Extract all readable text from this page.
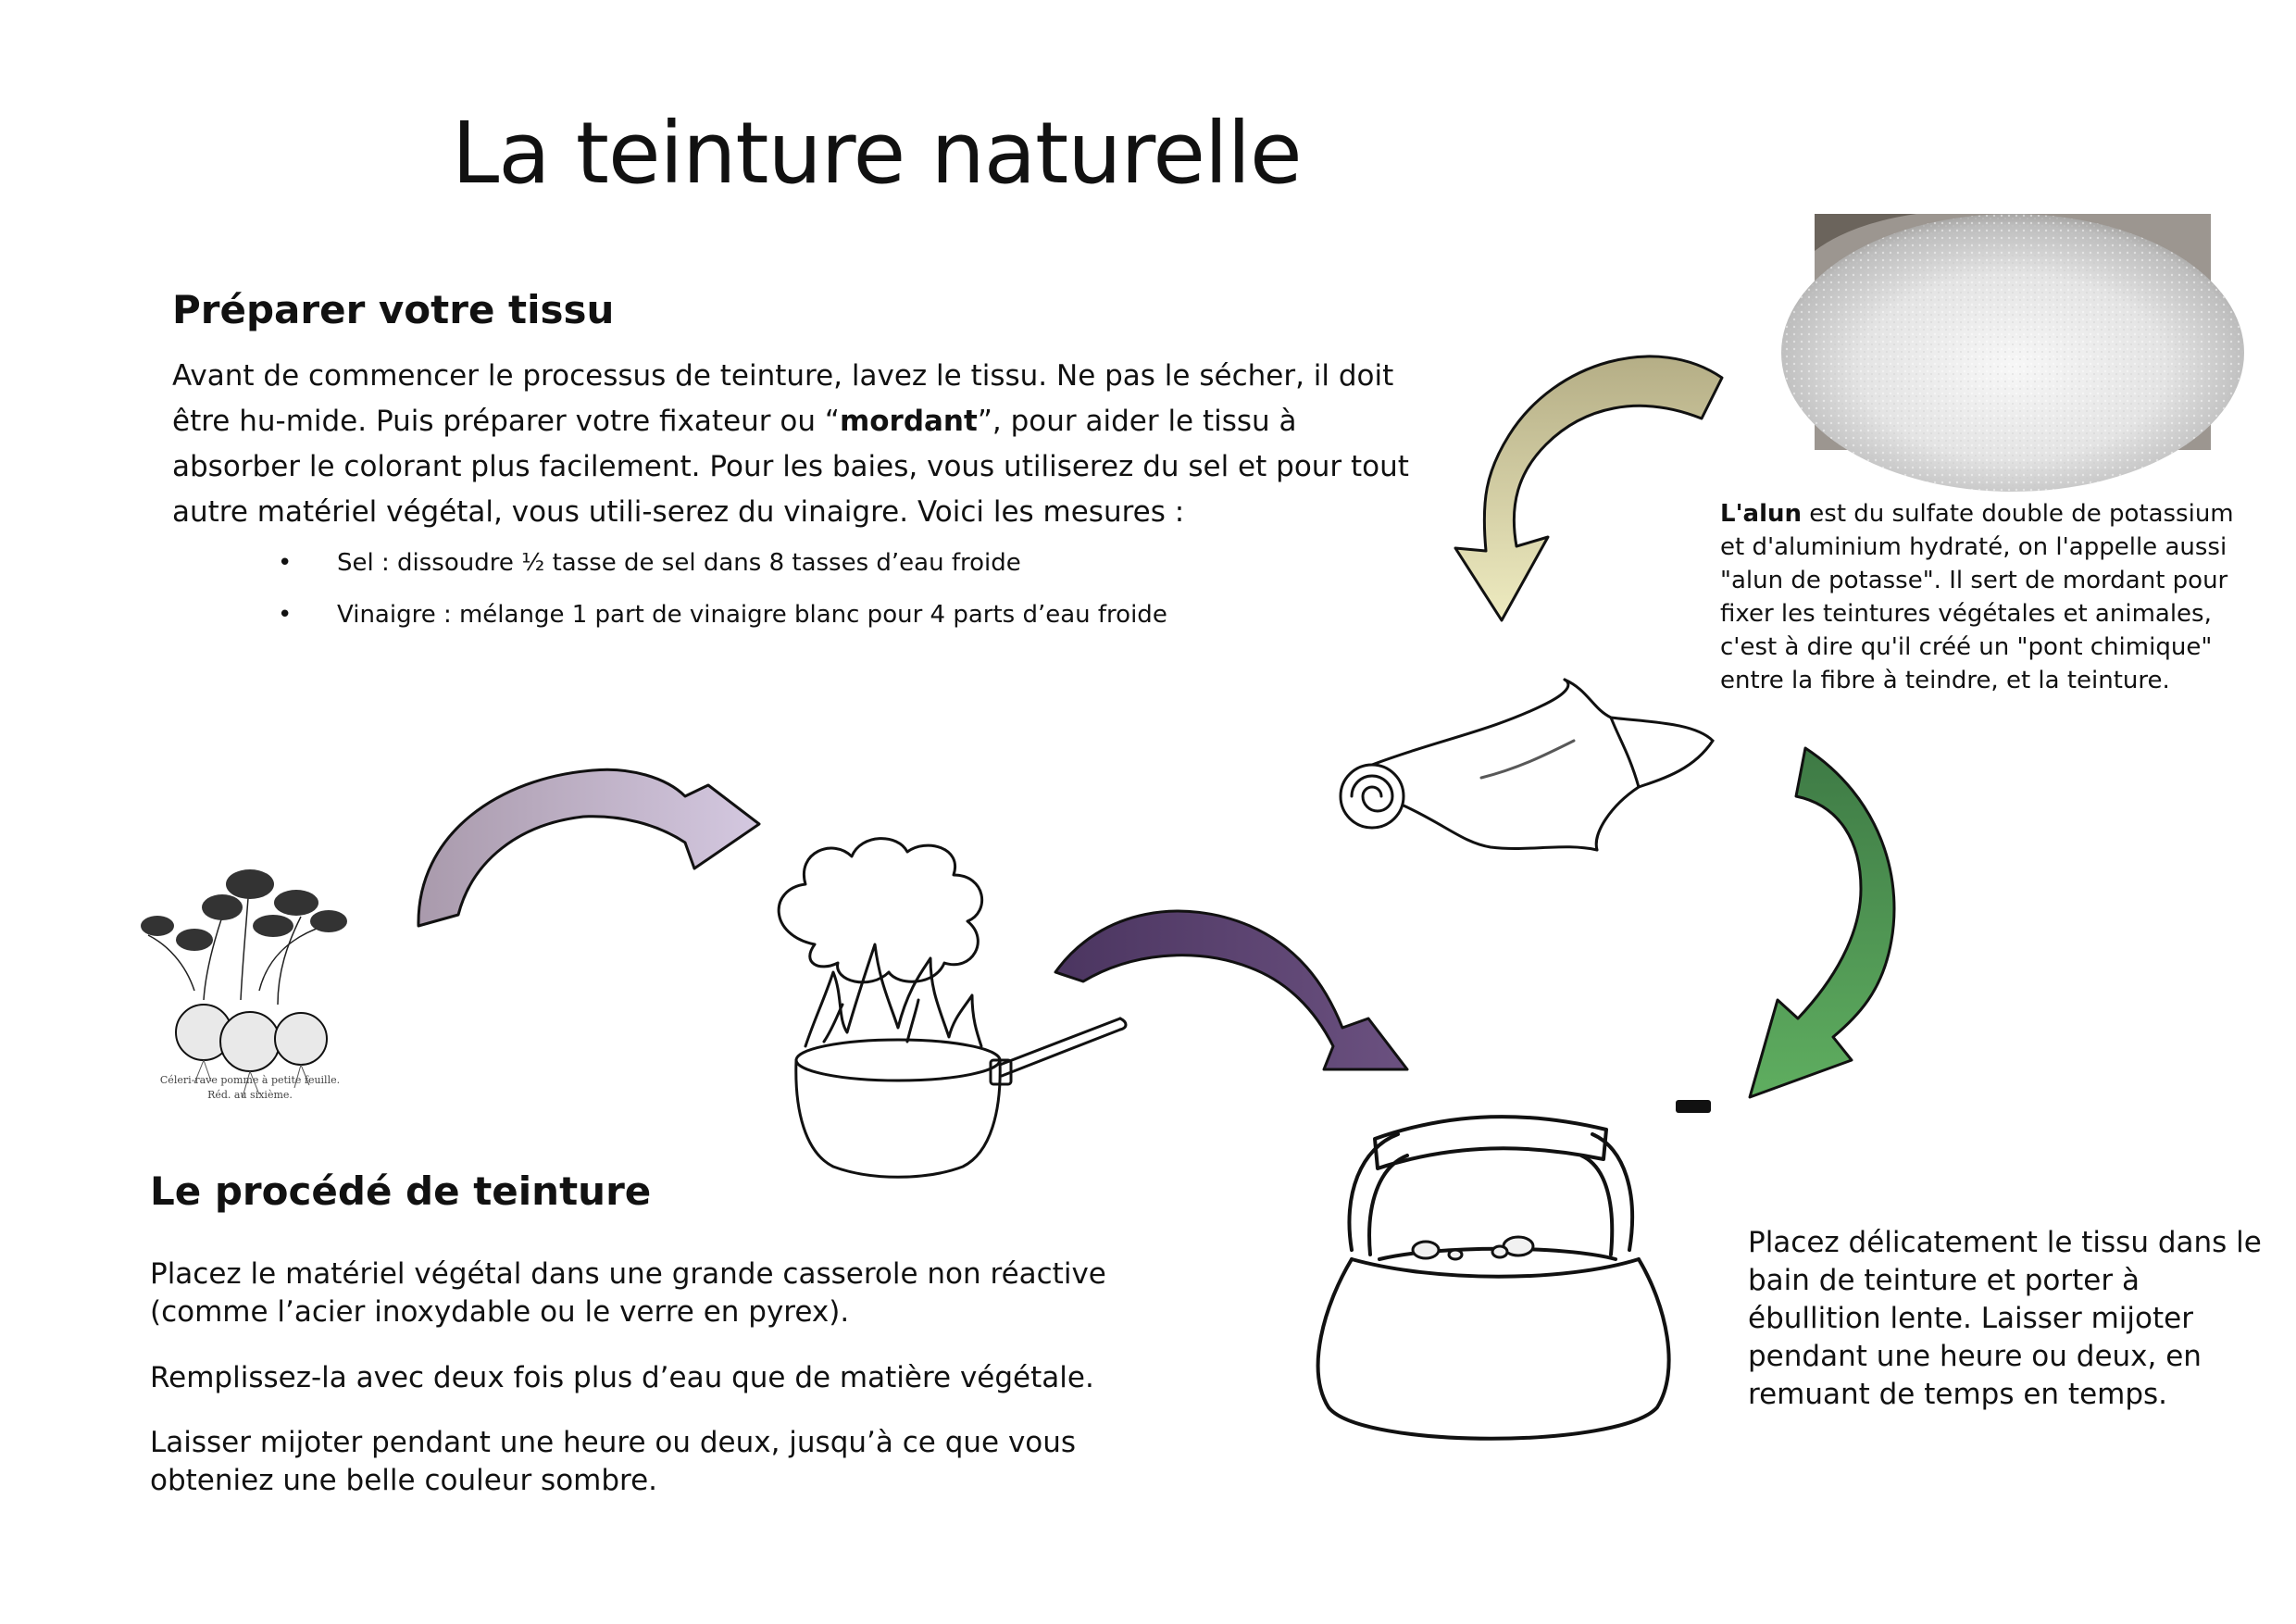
La teinture naturelle
Préparer votre tissu

Avant de commencer le processus de teinture, lavez le tissu. Ne pas le sécher, il doit être hu-mide. Puis préparer votre fixateur ou “mordant”, pour aider le tissu à absorber le colorant plus facilement. Pour les baies, vous utiliserez du sel et pour tout autre matériel végétal, vous utili-serez du vinaigre. Voici les mesures :

• Sel : dissoudre ½ tasse de sel dans 8 tasses d’eau froide
• Vinaigre : mélange 1 part de vinaigre blanc pour 4 parts d’eau froide

L'alun est du sulfate double de potassium et d'aluminium hydraté, on l'appelle aussi "alun de potasse". Il sert de mordant pour fixer les teintures végétales et animales, c'est à dire qu'il créé un "pont chimique" entre la fibre à teindre, et la teinture.

Céleri-rave pomme à petite feuille.
Réd. au sixième.
Le procédé de teinture

Placez le matériel végétal dans une grande casserole non réactive (comme l’acier inoxydable ou le verre en pyrex).

Remplissez-la avec deux fois plus d’eau que de matière végétale.

Laisser mijoter pendant une heure ou deux, jusqu’à ce que vous obteniez une belle couleur sombre.

Placez délicatement le tissu dans le bain de teinture et porter à ébullition lente. Laisser mijoter pendant une heure ou deux, en remuant de temps en temps.
